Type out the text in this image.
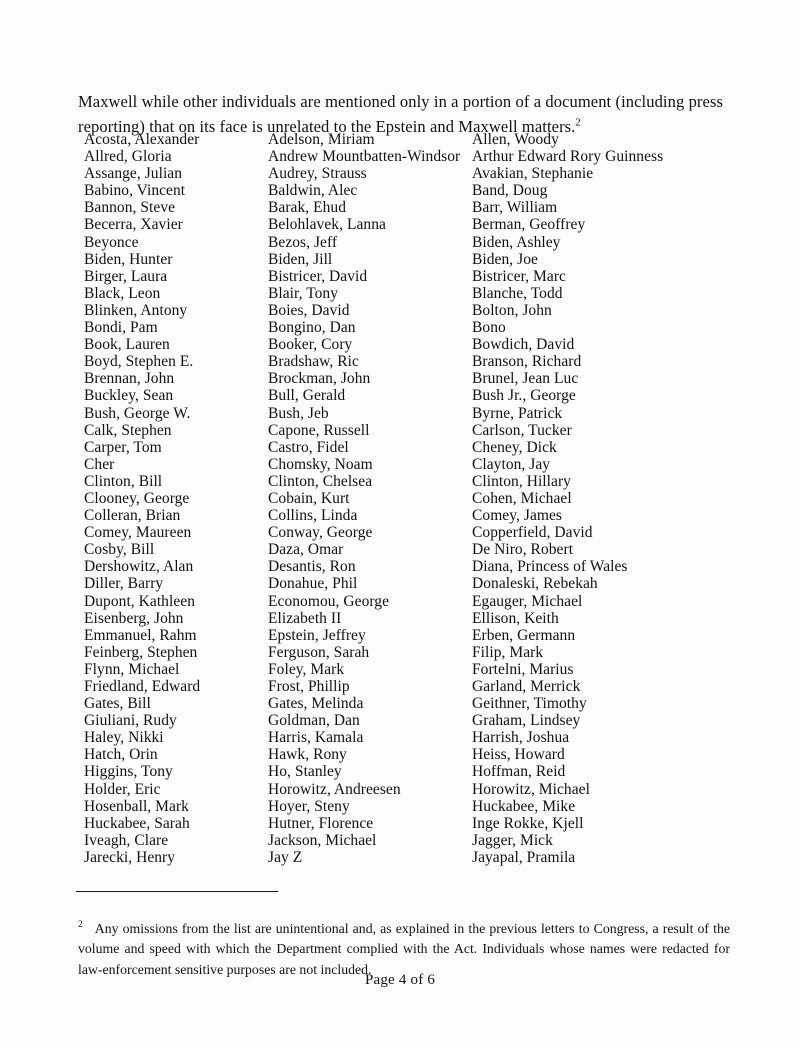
Maxwell while other individuals are mentioned only in a portion of a document (including press reporting) that on its face is unrelated to the Epstein and Maxwell matters.$^2$

Acosta, Alexander	Adelson, Miriam	Allen, Woody
Allred, Gloria	Andrew Mountbatten-Windsor	Arthur Edward Rory Guinness
Assange, Julian	Audrey, Strauss	Avakian, Stephanie
Babino, Vincent	Baldwin, Alec	Band, Doug
Bannon, Steve	Barak, Ehud	Barr, William
Becerra, Xavier	Belohlavek, Lanna	Berman, Geoffrey
Beyonce	Bezos, Jeff	Biden, Ashley
Biden, Hunter	Biden, Jill	Biden, Joe
Birger, Laura	Bistricer, David	Bistricer, Marc
Black, Leon	Blair, Tony	Blanche, Todd
Blinken, Antony	Boies, David	Bolton, John
Bondi, Pam	Bongino, Dan	Bono
Book, Lauren	Booker, Cory	Bowdich, David
Boyd, Stephen E.	Bradshaw, Ric	Branson, Richard
Brennan, John	Brockman, John	Brunel, Jean Luc
Buckley, Sean	Bull, Gerald	Bush Jr., George
Bush, George W.	Bush, Jeb	Byrne, Patrick
Calk, Stephen	Capone, Russell	Carlson, Tucker
Carper, Tom	Castro, Fidel	Cheney, Dick
Cher	Chomsky, Noam	Clayton, Jay
Clinton, Bill	Clinton, Chelsea	Clinton, Hillary
Clooney, George	Cobain, Kurt	Cohen, Michael
Colleran, Brian	Collins, Linda	Comey, James
Comey, Maureen	Conway, George	Copperfield, David
Cosby, Bill	Daza, Omar	De Niro, Robert
Dershowitz, Alan	Desantis, Ron	Diana, Princess of Wales
Diller, Barry	Donahue, Phil	Donaleski, Rebekah
Dupont, Kathleen	Economou, George	Egauger, Michael
Eisenberg, John	Elizabeth II	Ellison, Keith
Emmanuel, Rahm	Epstein, Jeffrey	Erben, Germann
Feinberg, Stephen	Ferguson, Sarah	Filip, Mark
Flynn, Michael	Foley, Mark	Fortelni, Marius
Friedland, Edward	Frost, Phillip	Garland, Merrick
Gates, Bill	Gates, Melinda	Geithner, Timothy
Giuliani, Rudy	Goldman, Dan	Graham, Lindsey
Haley, Nikki	Harris, Kamala	Harrish, Joshua
Hatch, Orin	Hawk, Rony	Heiss, Howard
Higgins, Tony	Ho, Stanley	Hoffman, Reid
Holder, Eric	Horowitz, Andreesen	Horowitz, Michael
Hosenball, Mark	Hoyer, Steny	Huckabee, Mike
Huckabee, Sarah	Hutner, Florence	Inge Rokke, Kjell
Iveagh, Clare	Jackson, Michael	Jagger, Mick
Jarecki, Henry	Jay Z	Jayapal, Pramila

$^2$ Any omissions from the list are unintentional and, as explained in the previous letters to Congress, a result of the volume and speed with which the Department complied with the Act. Individuals whose names were redacted for law-enforcement sensitive purposes are not included.

Page 4 of 6
